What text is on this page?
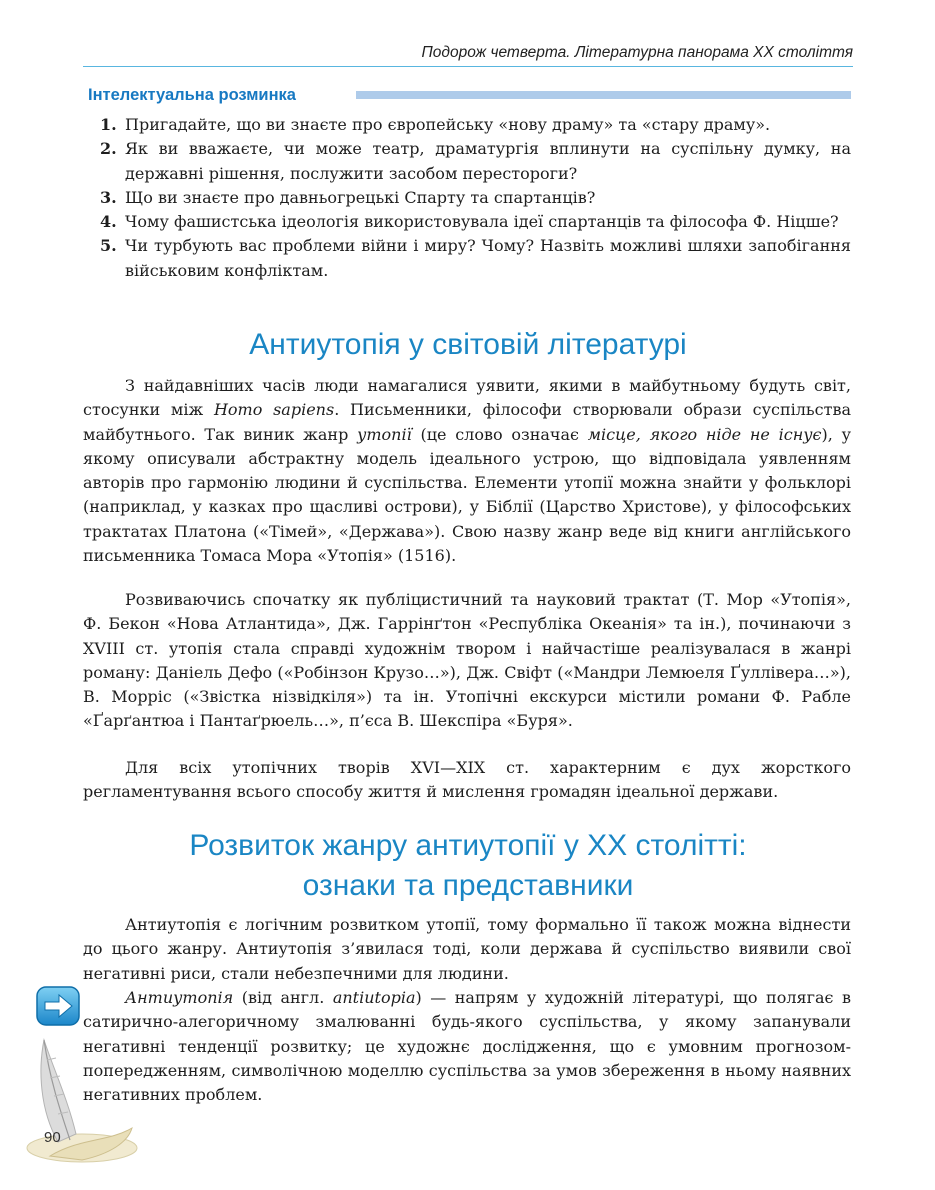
Подорож четверта. Літературна панорама ХХ століття
Інтелектуальна розминка
1. Пригадайте, що ви знаєте про європейську «нову драму» та «стару драму».
2. Як ви вважаєте, чи може театр, драматургія вплинути на суспільну думку, на державні рішення, послужити засобом перестороги?
3. Що ви знаєте про давньогрецькі Спарту та спартанців?
4. Чому фашистська ідеологія використовувала ідеї спартанців та філософа Ф. Ніцше?
5. Чи турбують вас проблеми війни і миру? Чому? Назвіть можливі шляхи запобігання військовим конфліктам.
Антиутопія у світовій літературі

З найдавніших часів люди намагалися уявити, якими в майбутньому будуть світ, стосунки між Homo sapiens. Письменники, філософи створювали образи суспільства майбутнього. Так виник жанр утопії (це слово означає місце, якого ніде не існує), у якому описували абстрактну модель ідеального устрою, що відповідала уявленням авторів про гармонію людини й суспільства. Елементи утопії можна знайти у фольклорі (наприклад, у казках про щасливі острови), у Біблії (Царство Христове), у філософських трактатах Платона («Тімей», «Держава»). Свою назву жанр веде від книги англійського письменника Томаса Мора «Утопія» (1516).

Розвиваючись спочатку як публіцистичний та науковий трактат (Т. Мор «Утопія», Ф. Бекон «Нова Атлантида», Дж. Гаррінґтон «Республіка Океанія» та ін.), починаючи з XVIII ст. утопія стала справді художнім твором і найчастіше реалізувалася в жанрі роману: Даніель Дефо («Робінзон Крузо…»), Дж. Свіфт («Мандри Лемюеля Ґуллівера…»), В. Морріс («Звістка нізвідкіля») та ін. Утопічні екскурси містили романи Ф. Рабле «Ґарґантюа і Пантаґрюель…», п’єса В. Шекспіра «Буря».

Для всіх утопічних творів XVI—XIX ст. характерним є дух жорсткого регламентування всього способу життя й мислення громадян ідеальної держави.

Розвиток жанру антиутопії у ХХ столітті:
ознаки та представники

Антиутопія є логічним розвитком утопії, тому формально її також можна віднести до цього жанру. Антиутопія з’явилася тоді, коли держава й суспільство виявили свої негативні риси, стали небезпечними для людини.

Антиутопія (від англ. antiutopia) — напрям у художній літературі, що полягає в сатирично-алегоричному змалюванні будь-якого суспільства, у якому запанували негативні тенденції розвитку; це художнє дослідження, що є умовним прогнозом-попередженням, символічною моделлю суспільства за умов збереження в ньому наявних негативних проблем.

90
